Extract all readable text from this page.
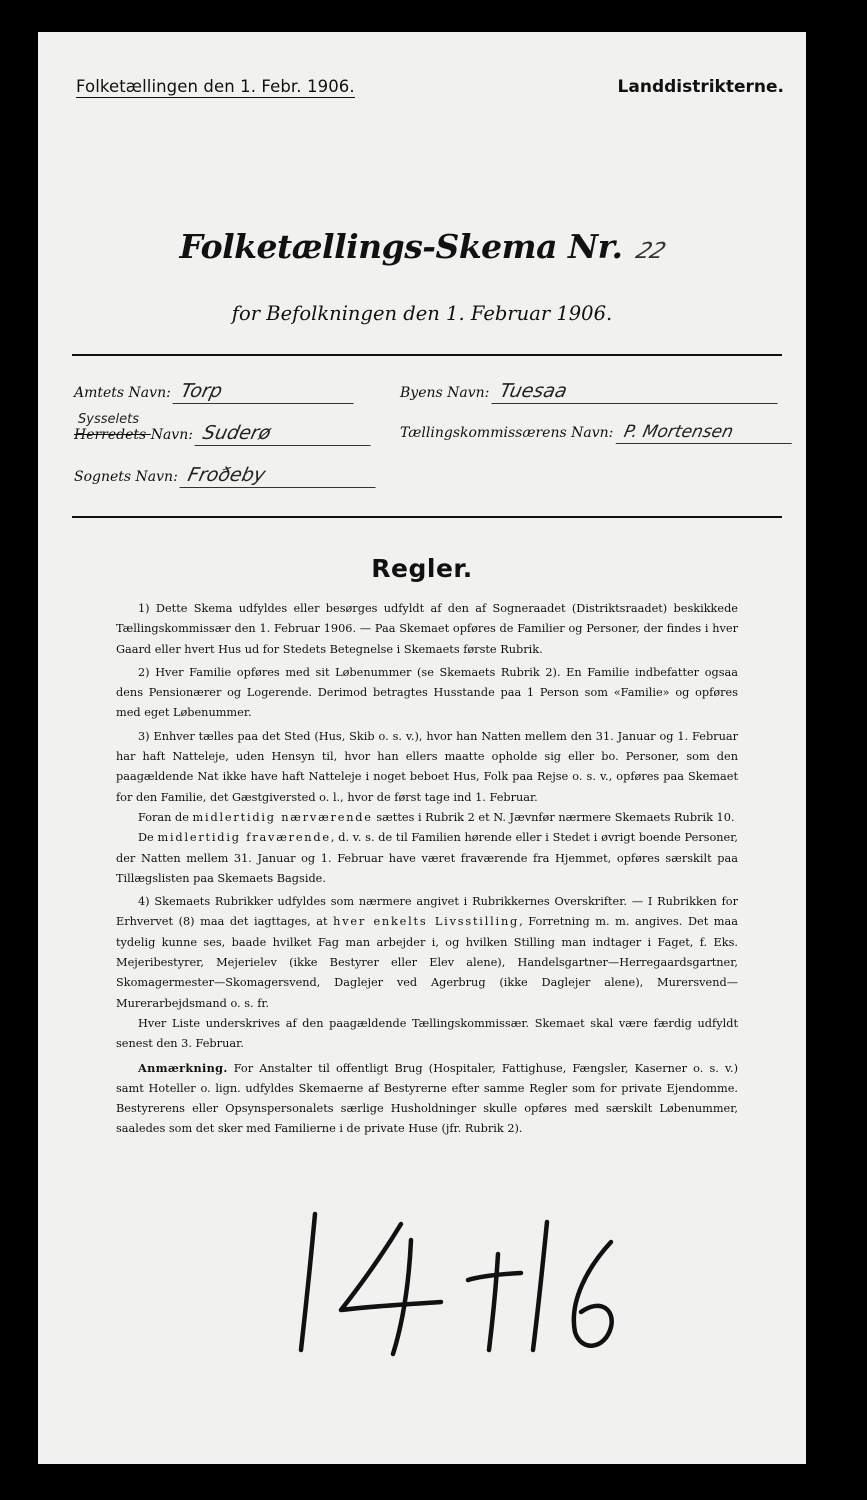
Folketællingen den 1. Febr. 1906.	Landdistrikterne.
Folketællings-Skema Nr. 22
for Befolkningen den 1. Februar 1906.
Amtets Navn: Torp	Byens Navn: Tuesaa
Herredets
Sysselets
Navn: Suderø	Tællingskommissærens Navn: P. Mortensen
Sognets Navn: Froðeby
Regler.

1) Dette Skema udfyldes eller besørges udfyldt af den af Sogneraadet (Distriktsraadet) beskikkede Tællingskommissær den 1. Februar 1906. — Paa Skemaet opføres de Familier og Personer, der findes i hver Gaard eller hvert Hus ud for Stedets Betegnelse i Skemaets første Rubrik.

2) Hver Familie opføres med sit Løbenummer (se Skemaets Rubrik 2). En Familie indbefatter ogsaa dens Pensionærer og Logerende. Derimod betragtes Husstande paa 1 Person som «Familie» og opføres med eget Løbenummer.

3) Enhver tælles paa det Sted (Hus, Skib o. s. v.), hvor han Natten mellem den 31. Januar og 1. Februar har haft Natteleje, uden Hensyn til, hvor han ellers maatte opholde sig eller bo. Personer, som den paagældende Nat ikke have haft Natteleje i noget beboet Hus, Folk paa Rejse o. s. v., opføres paa Skemaet for den Familie, det Gæstgiversted o. l., hvor de først tage ind 1. Februar.

Foran de midlertidig nærværende sættes i Rubrik 2 et N. Jævnfør nærmere Skemaets Rubrik 10.

De midlertidig fraværende, d. v. s. de til Familien hørende eller i Stedet i øvrigt boende Personer, der Natten mellem 31. Januar og 1. Februar have været fraværende fra Hjemmet, opføres særskilt paa Tillægslisten paa Skemaets Bagside.

4) Skemaets Rubrikker udfyldes som nærmere angivet i Rubrikkernes Overskrifter. — I Rubrikken for Erhvervet (8) maa det iagttages, at hver enkelts Livsstilling, Forretning m. m. angives. Det maa tydelig kunne ses, baade hvilket Fag man arbejder i, og hvilken Stilling man indtager i Faget, f. Eks. Mejeribestyrer, Mejerielev (ikke Bestyrer eller Elev alene), Handelsgartner—Herregaardsgartner, Skomagermester—Skomagersvend, Daglejer ved Agerbrug (ikke Daglejer alene), Murersvend—Murerarbejdsmand o. s. fr.

Hver Liste underskrives af den paagældende Tællingskommissær. Skemaet skal være færdig udfyldt senest den 3. Februar.

Anmærkning. For Anstalter til offentligt Brug (Hospitaler, Fattighuse, Fængsler, Kaserner o. s. v.) samt Hoteller o. lign. udfyldes Skemaerne af Bestyrerne efter samme Regler som for private Ejendomme. Bestyrerens eller Opsynspersonalets særlige Husholdninger skulle opføres med særskilt Løbenummer, saaledes som det sker med Familierne i de private Huse (jfr. Rubrik 2).
